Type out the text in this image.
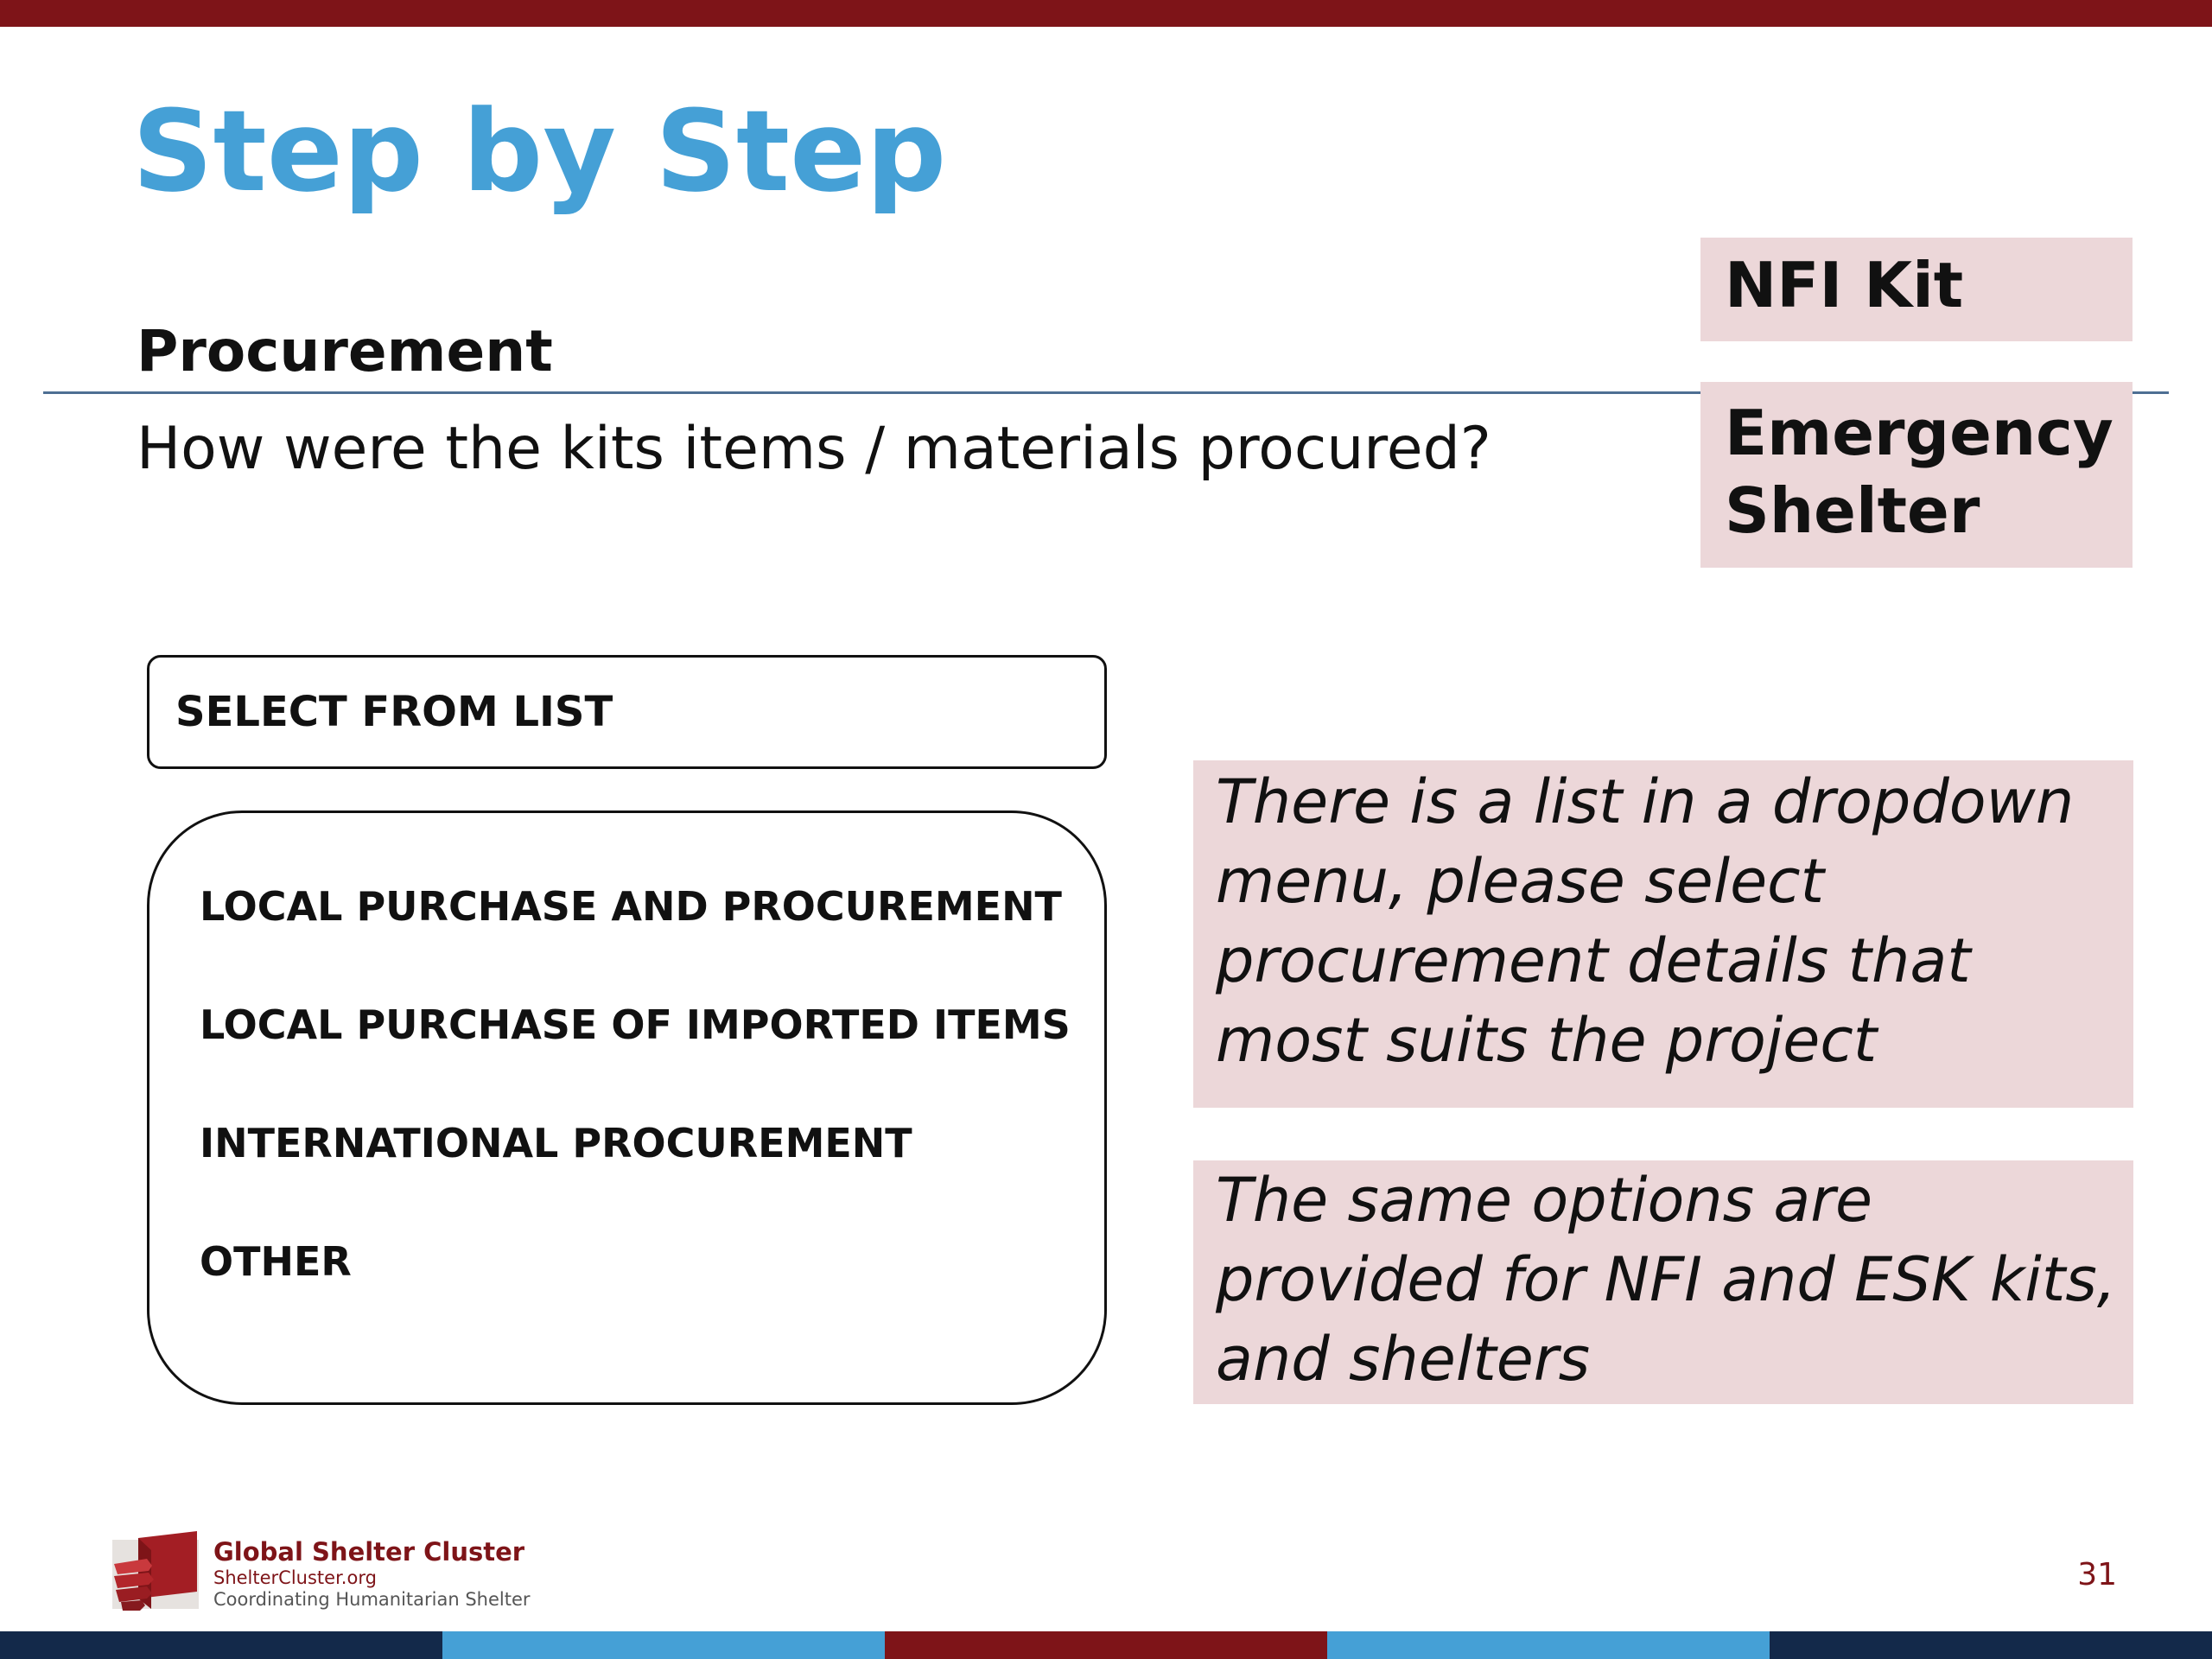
Step by Step
Procurement
How were the kits items / materials procured?
NFI Kit
Emergency
Shelter
SELECT FROM LIST
LOCAL PURCHASE AND PROCUREMENT
LOCAL PURCHASE OF IMPORTED ITEMS
INTERNATIONAL PROCUREMENT
OTHER
There is a list in a dropdown
menu, please select
procurement details that
most suits the project
The same options are
provided for NFI and ESK kits,
and shelters
Global Shelter Cluster
ShelterCluster.org
Coordinating Humanitarian Shelter
31
